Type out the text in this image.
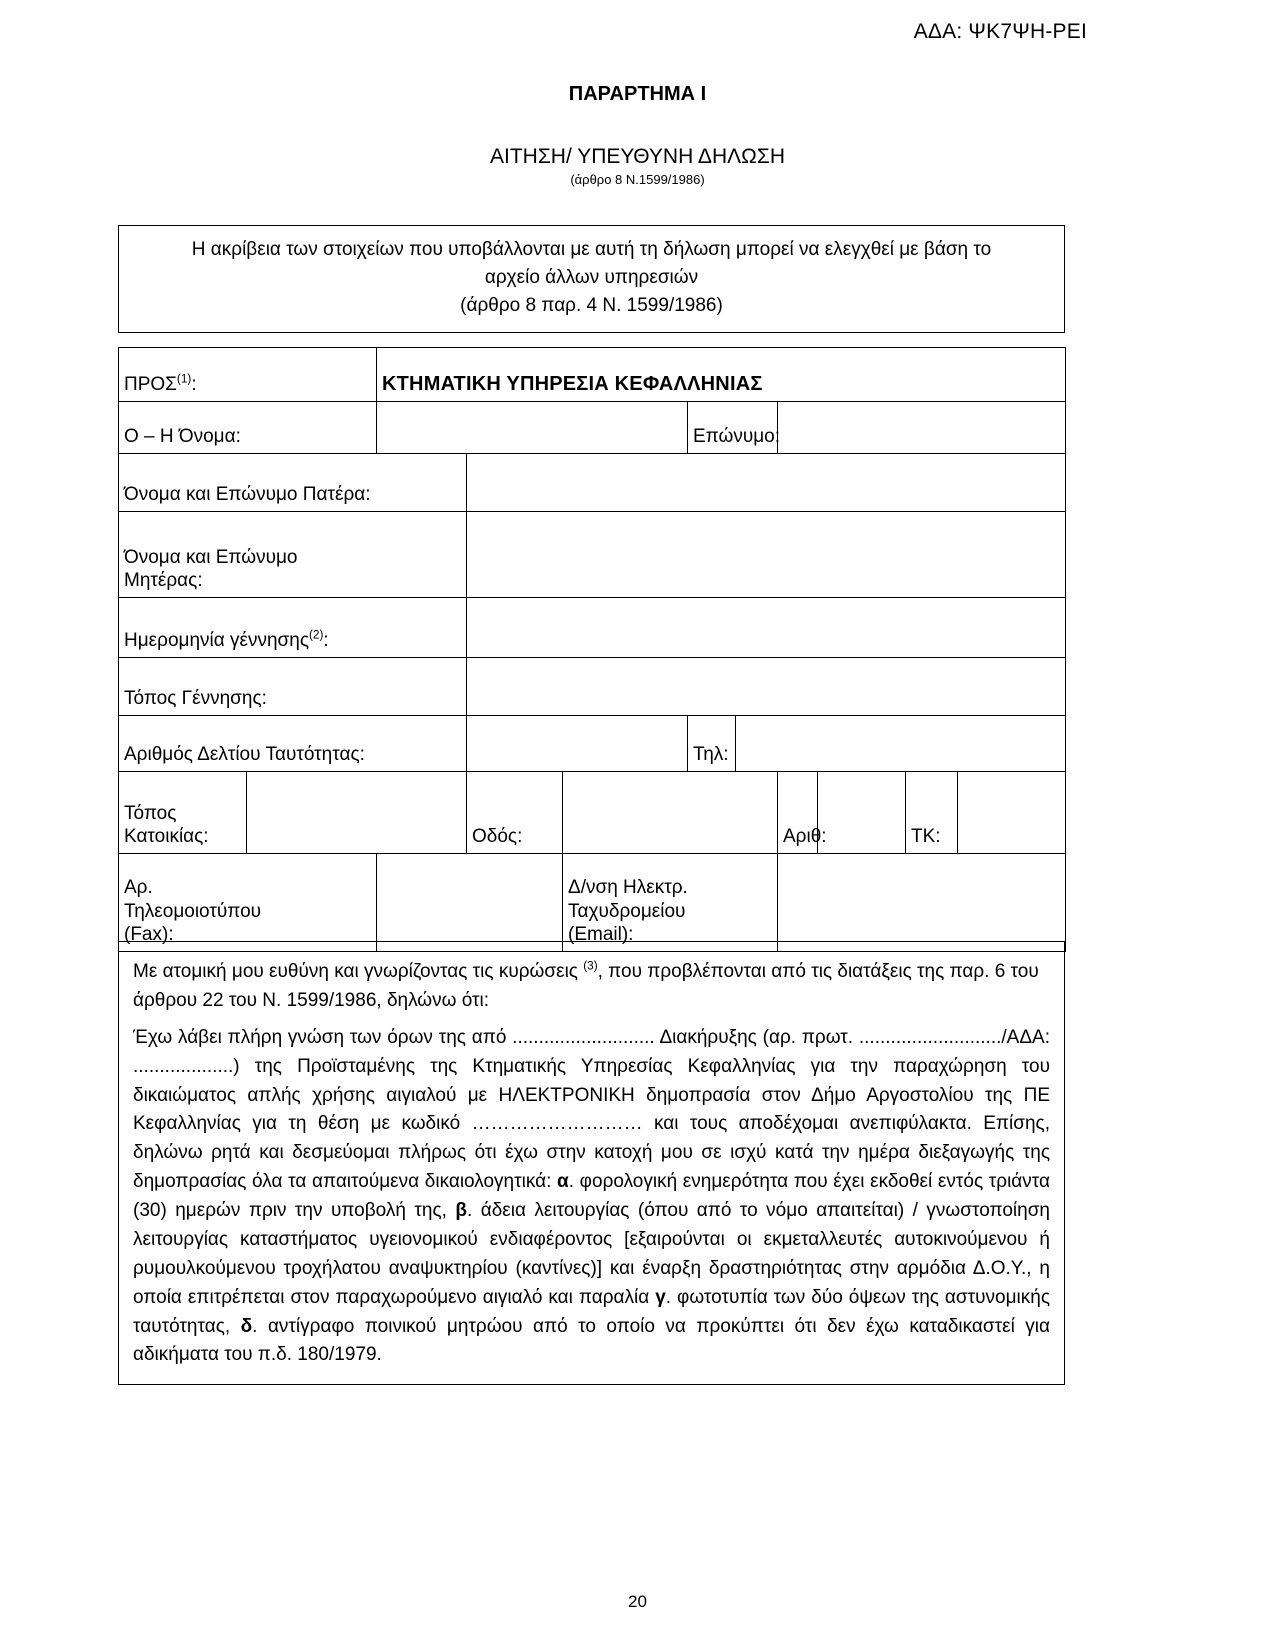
ΑΔΑ: ΨΚ7ΨΗ-ΡΕΙ
ΠΑΡΑΡΤΗΜΑ I
ΑΙΤΗΣΗ/ ΥΠΕΥΘΥΝΗ ΔΗΛΩΣΗ
(άρθρο 8 Ν.1599/1986)
Η ακρίβεια των στοιχείων που υποβάλλονται με αυτή τη δήλωση μπορεί να ελεγχθεί με βάση το
αρχείο άλλων υπηρεσιών
(άρθρο 8 παρ. 4 Ν. 1599/1986)
ΠΡΟΣ$^{(1)}$:		ΚΤΗΜΑΤΙΚΗ ΥΠΗΡΕΣΙΑ ΚΕΦΑΛΛΗΝΙΑΣ								
Ο – Η Όνομα:					Επώνυμο:					
Όνομα και Επώνυμο Πατέρα:										
Όνομα και Επώνυμο
Μητέρας:										
Ημερομηνία γέννησης$^{(2)}$:										
Τόπος Γέννησης:										
Αριθμός Δελτίου Ταυτότητας:					Τηλ:					
Τόπος
Κατοικίας:			Οδός:				Αριθ:		ΤΚ:	
Αρ.
Τηλεομοιοτύπου
(Fax):				Δ/νση Ηλεκτρ.
Ταχυδρομείου
(Email):						

Με ατομική μου ευθύνη και γνωρίζοντας τις κυρώσεις $^{(3)}$, που προβλέπονται από τις διατάξεις της παρ. 6 του άρθρου 22 του Ν. 1599/1986, δηλώνω ότι:

Έχω λάβει πλήρη γνώση των όρων της από ........................... Διακήρυξης (αρ. πρωτ. .........................../ΑΔΑ: ...................) της Προϊσταμένης της Κτηματικής Υπηρεσίας Κεφαλληνίας για την παραχώρηση του δικαιώματος απλής χρήσης αιγιαλού με ΗΛΕΚΤΡΟΝΙΚΗ δημοπρασία στον Δήμο Αργοστολίου της ΠΕ Κεφαλληνίας για τη θέση με κωδικό ……………………… και τους αποδέχομαι ανεπιφύλακτα. Επίσης, δηλώνω ρητά και δεσμεύομαι πλήρως ότι έχω στην κατοχή μου σε ισχύ κατά την ημέρα διεξαγωγής της δημοπρασίας όλα τα απαιτούμενα δικαιολογητικά: α. φορολογική ενημερότητα που έχει εκδοθεί εντός τριάντα (30) ημερών πριν την υποβολή της, β. άδεια λειτουργίας (όπου από το νόμο απαιτείται) / γνωστοποίηση λειτουργίας καταστήματος υγειονομικού ενδιαφέροντος [εξαιρούνται οι εκμεταλλευτές αυτοκινούμενου ή ρυμουλκούμενου τροχήλατου αναψυκτηρίου (καντίνες)] και έναρξη δραστηριότητας στην αρμόδια Δ.Ο.Υ., η οποία επιτρέπεται στον παραχωρούμενο αιγιαλό και παραλία γ. φωτοτυπία των δύο όψεων της αστυνομικής ταυτότητας, δ. αντίγραφο ποινικού μητρώου από το οποίο να προκύπτει ότι δεν έχω καταδικαστεί για αδικήματα του π.δ. 180/1979.

20
